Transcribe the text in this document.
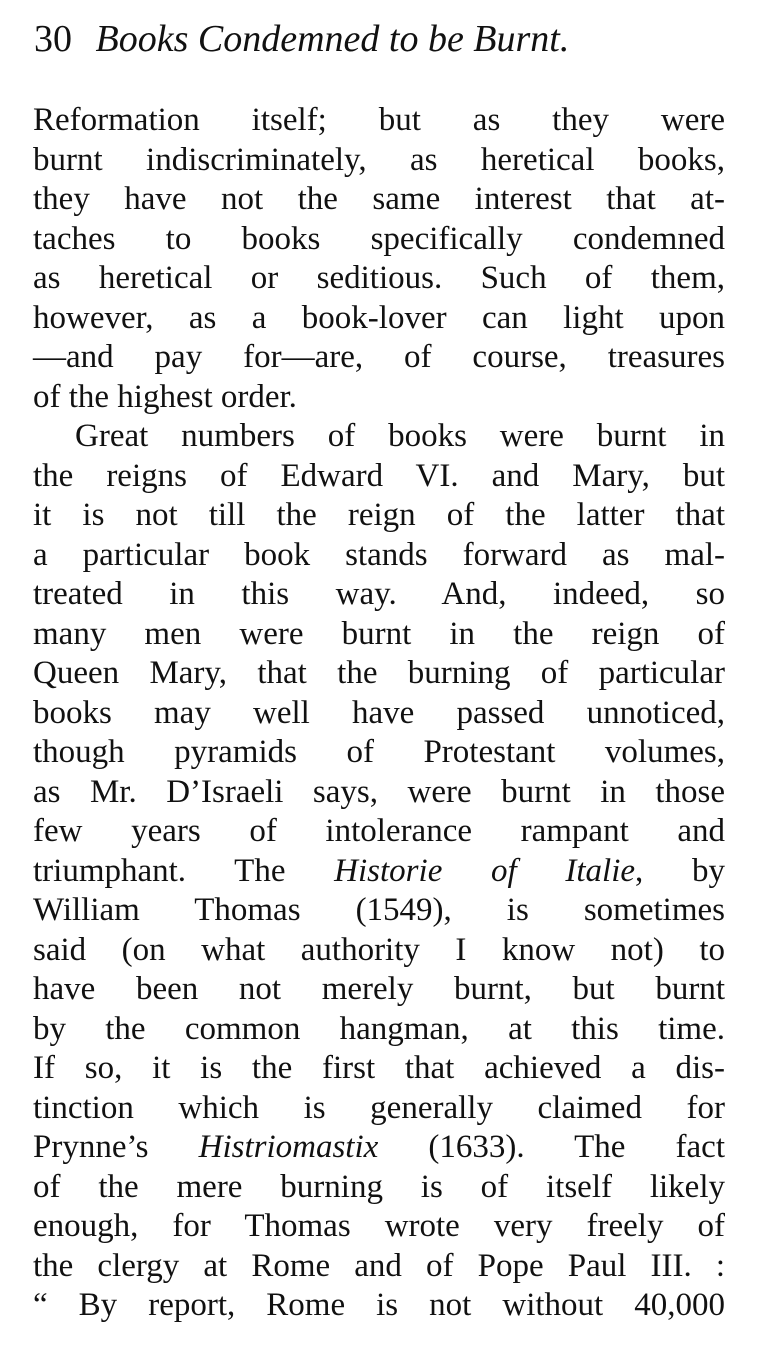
30 Books Condemned to be Burnt.
Reformation itself; but as they were
burnt indiscriminately, as heretical books,
they have not the same interest that at-
taches to books specifically condemned
as heretical or seditious. Such of them,
however, as a book-lover can light upon
—and pay for—are, of course, treasures
of the highest order.
Great numbers of books were burnt in
the reigns of Edward VI. and Mary, but
it is not till the reign of the latter that
a particular book stands forward as mal-
treated in this way. And, indeed, so
many men were burnt in the reign of
Queen Mary, that the burning of particular
books may well have passed unnoticed,
though pyramids of Protestant volumes,
as Mr. D’Israeli says, were burnt in those
few years of intolerance rampant and
triumphant. The Historie of Italie, by
William Thomas (1549), is sometimes
said (on what authority I know not) to
have been not merely burnt, but burnt
by the common hangman, at this time.
If so, it is the first that achieved a dis-
tinction which is generally claimed for
Prynne’s Histriomastix (1633). The fact
of the mere burning is of itself likely
enough, for Thomas wrote very freely of
the clergy at Rome and of Pope Paul III. :
“ By report, Rome is not without 40,000
